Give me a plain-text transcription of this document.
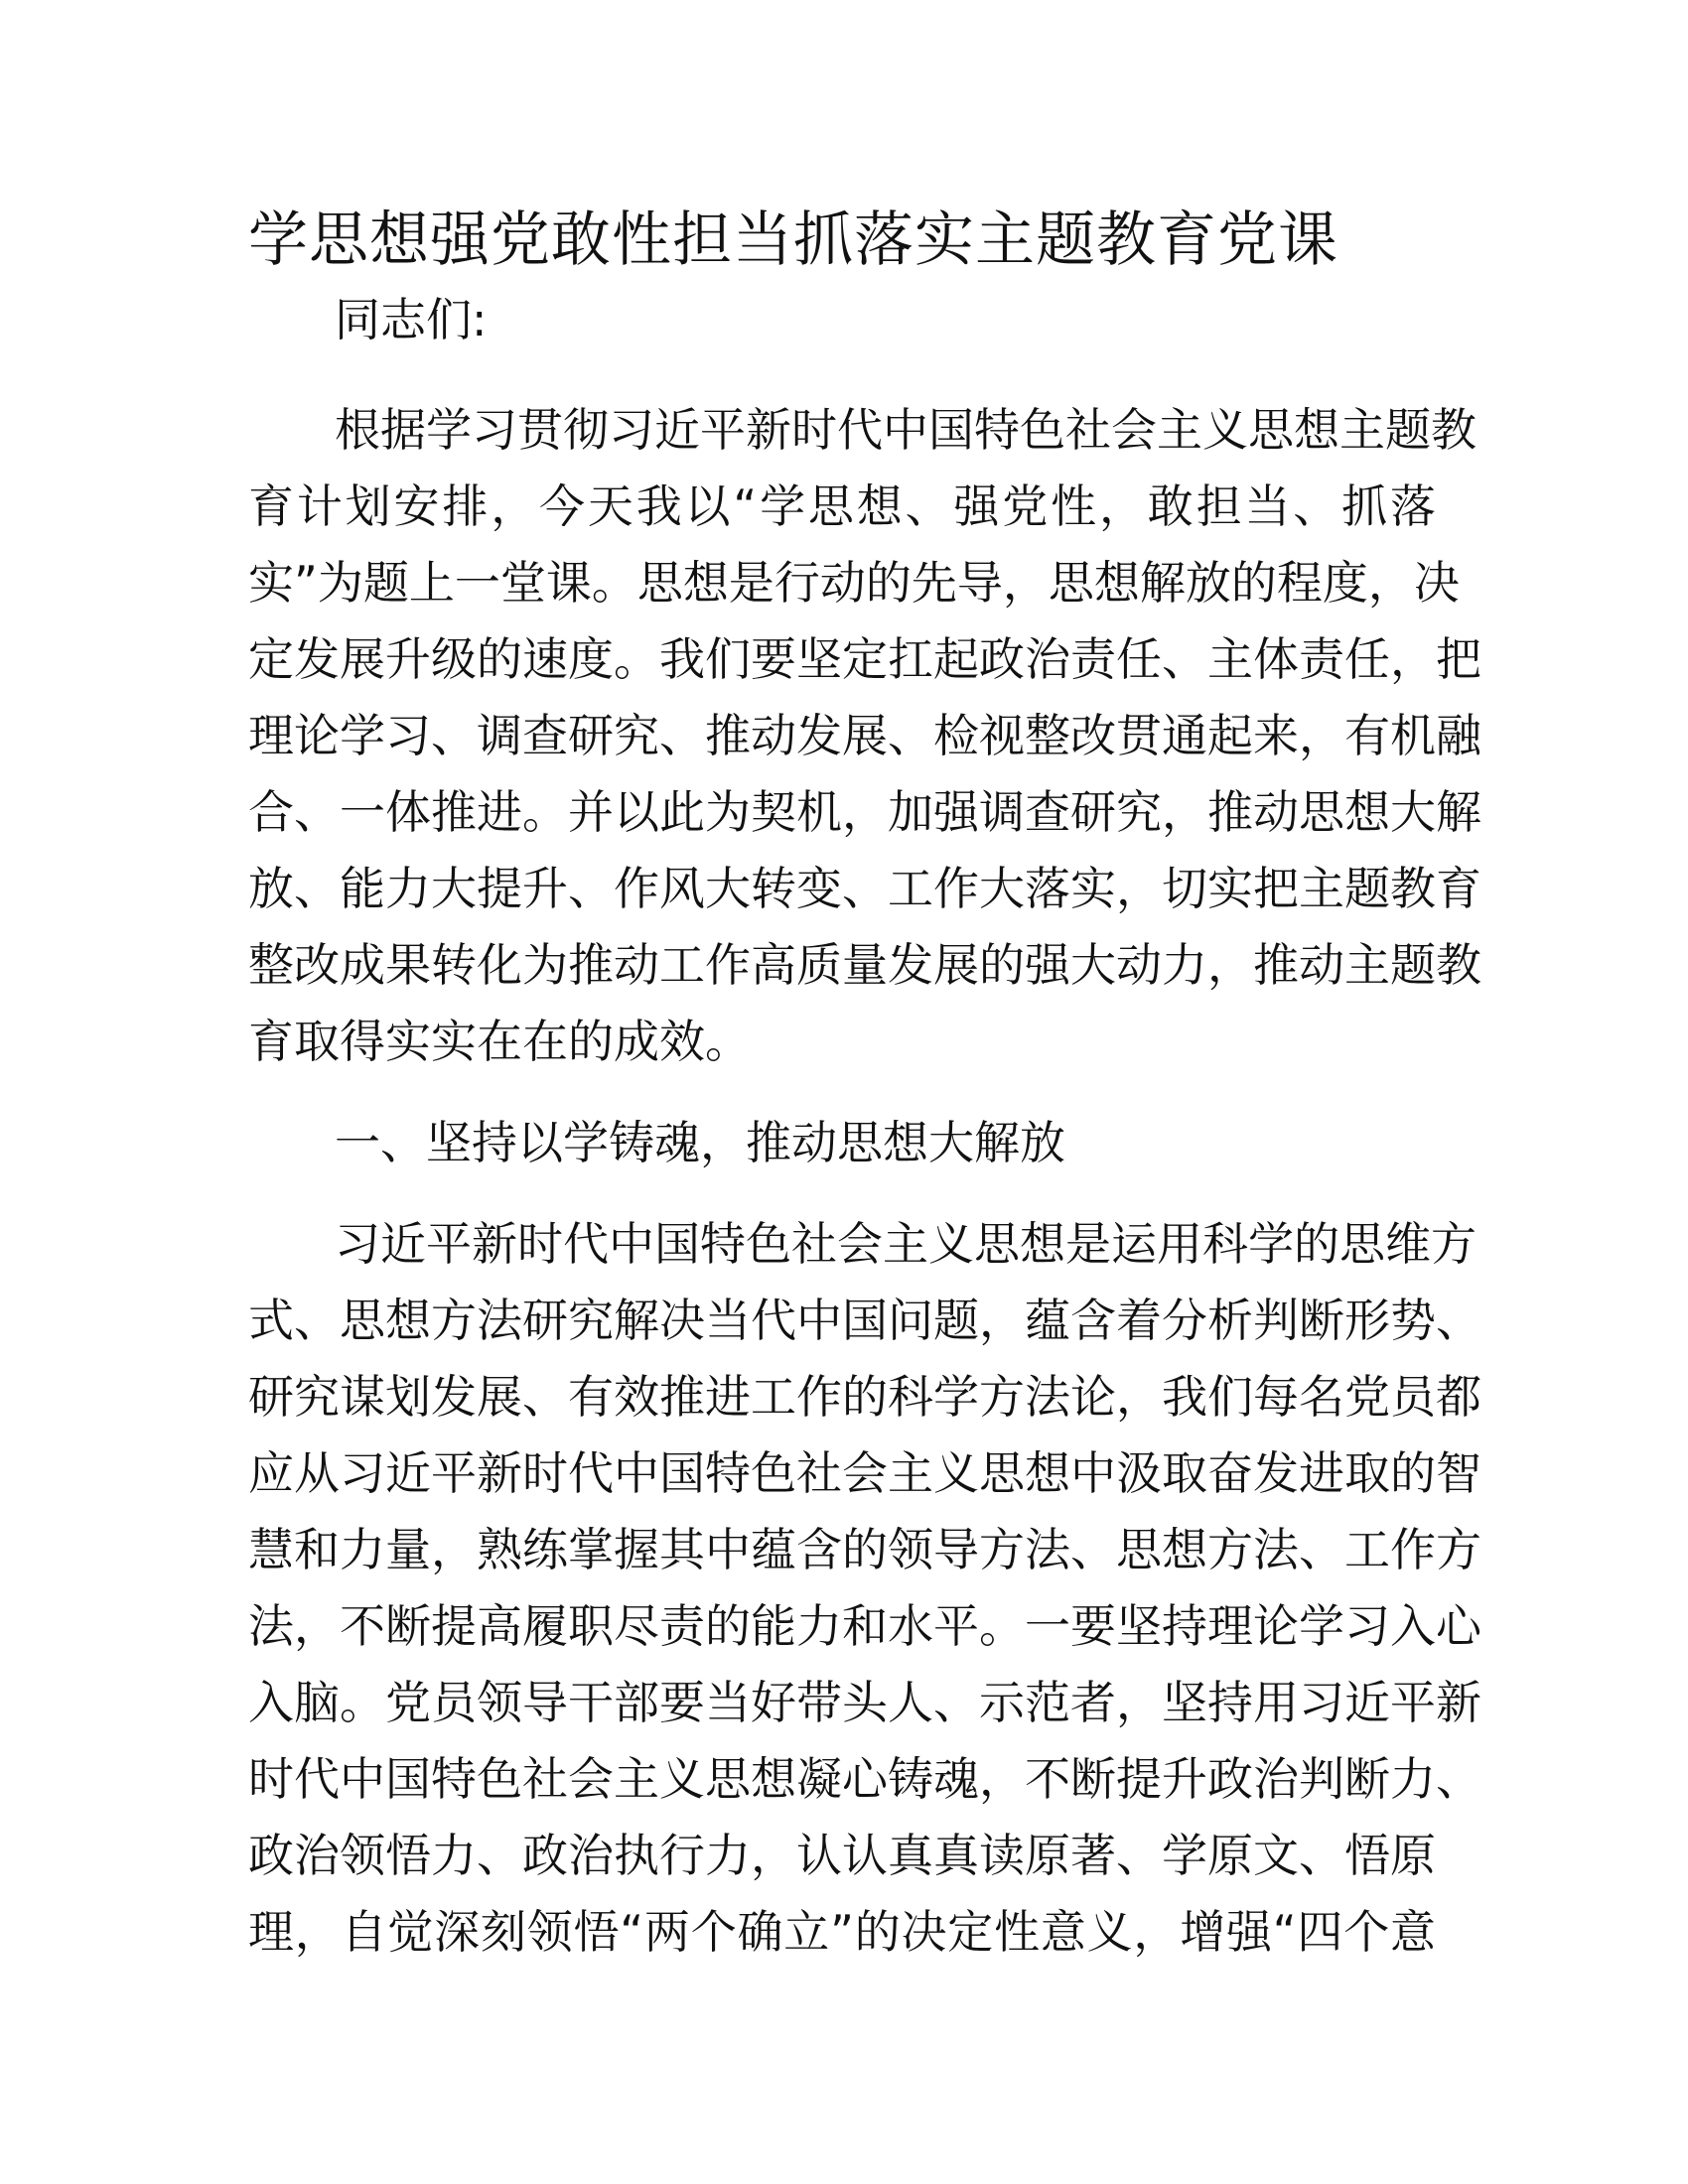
学思想强党敢性担当抓落实主题教育党课

同志们:

根据学习贯彻习近平新时代中国特色社会主义思想主题教

育计划安排，今天我以“学思想、强党性，敢担当、抓落

实”为题上一堂课。思想是行动的先导，思想解放的程度，决

定发展升级的速度。我们要坚定扛起政治责任、主体责任，把

理论学习、调查研究、推动发展、检视整改贯通起来，有机融

合、一体推进。并以此为契机，加强调查研究，推动思想大解

放、能力大提升、作风大转变、工作大落实，切实把主题教育

整改成果转化为推动工作高质量发展的强大动力，推动主题教

育取得实实在在的成效。

一、坚持以学铸魂，推动思想大解放

习近平新时代中国特色社会主义思想是运用科学的思维方

式、思想方法研究解决当代中国问题，蕴含着分析判断形势、

研究谋划发展、有效推进工作的科学方法论，我们每名党员都

应从习近平新时代中国特色社会主义思想中汲取奋发进取的智

慧和力量，熟练掌握其中蕴含的领导方法、思想方法、工作方

法，不断提高履职尽责的能力和水平。一要坚持理论学习入心

入脑。党员领导干部要当好带头人、示范者，坚持用习近平新

时代中国特色社会主义思想凝心铸魂，不断提升政治判断力、

政治领悟力、政治执行力，认认真真读原著、学原文、悟原

理，自觉深刻领悟“两个确立”的决定性意义，增强“四个意
